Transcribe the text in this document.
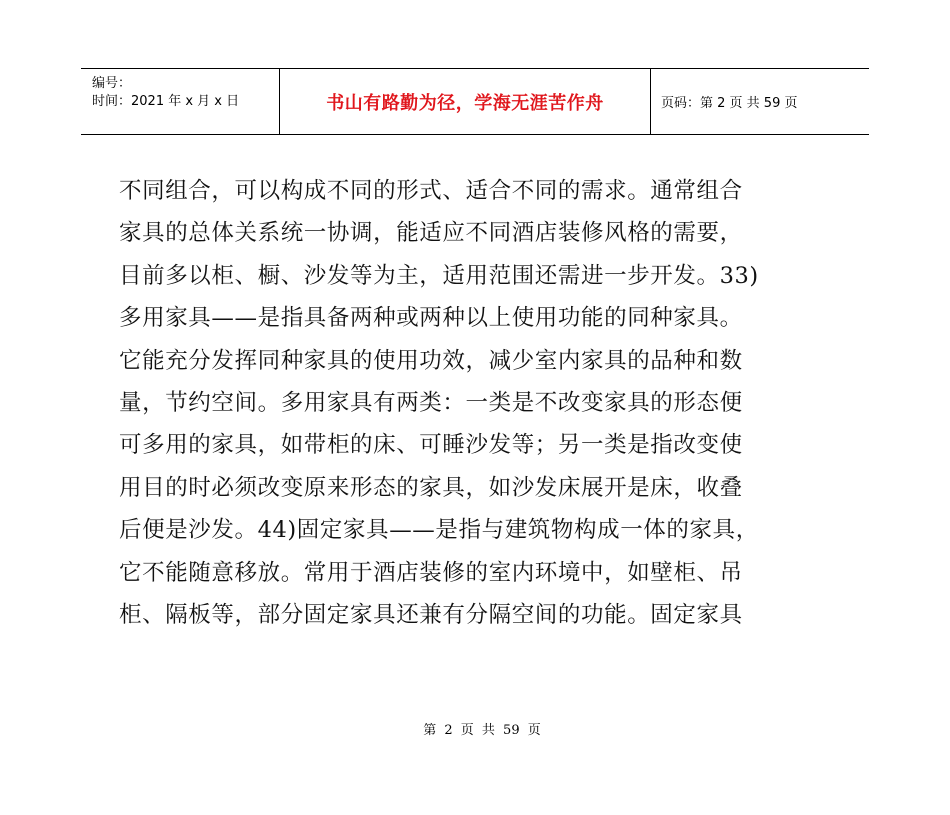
编号：
时间：2021 年 x 月 x 日	书山有路勤为径，学海无涯苦作舟	页码：第 2 页 共 59 页
不同组合，可以构成不同的形式、适合不同的需求。通常组合
家具的总体关系统一协调，能适应不同酒店装修风格的需要，
目前多以柜、橱、沙发等为主，适用范围还需进一步开发。33)
多用家具——是指具备两种或两种以上使用功能的同种家具。
它能充分发挥同种家具的使用功效，减少室内家具的品种和数
量，节约空间。多用家具有两类：一类是不改变家具的形态便
可多用的家具，如带柜的床、可睡沙发等；另一类是指改变使
用目的时必须改变原来形态的家具，如沙发床展开是床，收叠
后便是沙发。44)固定家具——是指与建筑物构成一体的家具，
它不能随意移放。常用于酒店装修的室内环境中，如壁柜、吊
柜、隔板等，部分固定家具还兼有分隔空间的功能。固定家具
第 2 页 共 59 页
